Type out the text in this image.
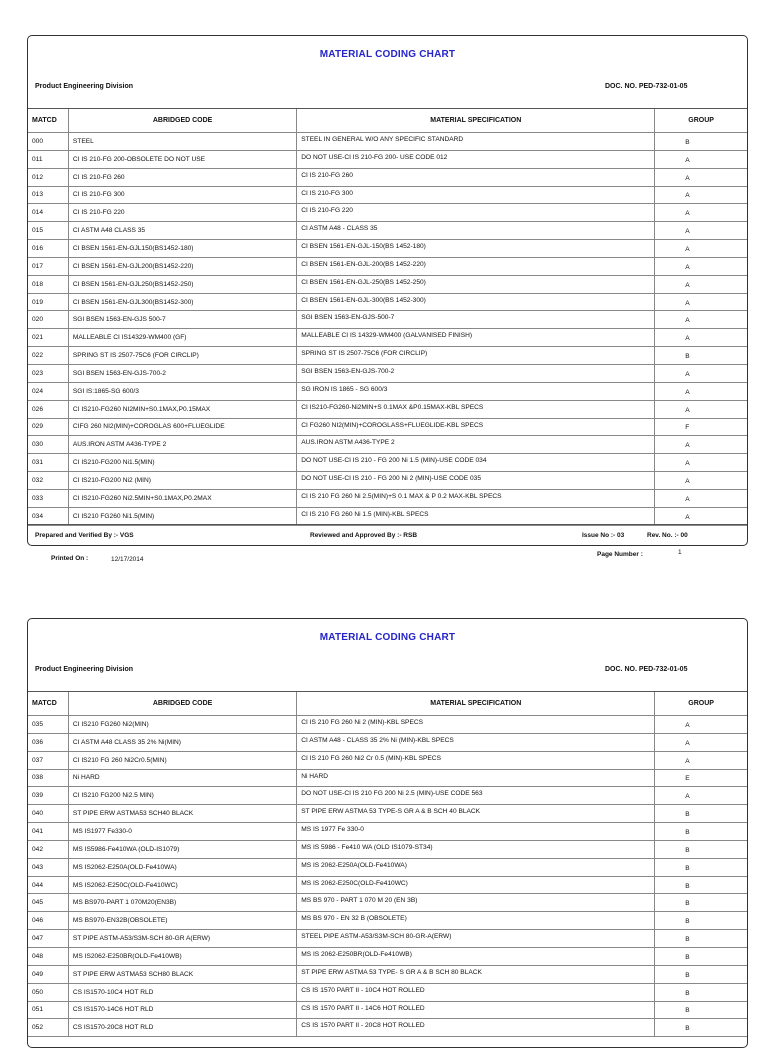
MATERIAL CODING CHART
Product Engineering Division	DOC. NO. PED-732-01-05
MATCD	ABRIDGED CODE	MATERIAL SPECIFICATION	GROUP
000	STEEL	STEEL IN GENERAL W/O ANY SPECIFIC STANDARD	B
011	CI IS 210-FG 200-OBSOLETE DO NOT USE	DO NOT USE-CI IS 210-FG 200- USE CODE 012	A
012	CI IS 210-FG 260	CI IS 210-FG 260	A
013	CI IS 210-FG 300	CI IS 210-FG 300	A
014	CI IS 210-FG 220	CI IS 210-FG 220	A
015	CI ASTM A48 CLASS 35	CI ASTM A48 - CLASS 35	A
016	CI BSEN 1561-EN-GJL150(BS1452-180)	CI BSEN 1561-EN-GJL-150(BS 1452-180)	A
017	CI BSEN 1561-EN-GJL200(BS1452-220)	CI BSEN 1561-EN-GJL-200(BS 1452-220)	A
018	CI BSEN 1561-EN-GJL250(BS1452-250)	CI BSEN 1561-EN-GJL-250(BS 1452-250)	A
019	CI BSEN 1561-EN-GJL300(BS1452-300)	CI BSEN 1561-EN-GJL-300(BS 1452-300)	A
020	SGI BSEN 1563-EN-GJS 500-7	SGI BSEN 1563-EN-GJS-500-7	A
021	MALLEABLE CI IS14329-WM400 (GF)	MALLEABLE CI IS 14329-WM400 (GALVANISED FINISH)	A
022	SPRING ST IS 2507-75C6 (FOR CIRCLIP)	SPRING ST IS 2507-75C6 (FOR CIRCLIP)	B
023	SGI BSEN 1563-EN-GJS-700-2	SGI BSEN 1563-EN-GJS-700-2	A
024	SGI IS:1865-SG 600/3	SG IRON IS 1865 - SG 600/3	A
026	CI IS210-FG260 NI2MIN+S0.1MAX,P0.15MAX	CI IS210-FG260-Ni2MIN+S 0.1MAX &P0.15MAX-KBL SPECS	A
029	CIFG 260 NI2(MIN)+COROGLAS 600+FLUEGLIDE	CI FG260 NI2(MIN)+COROGLASS+FLUEGLIDE-KBL SPECS	F
030	AUS.IRON ASTM A436-TYPE 2	AUS.IRON ASTM A436-TYPE 2	A
031	CI IS210-FG200 Ni1.5(MIN)	DO NOT USE-CI IS 210 - FG 200 Ni 1.5 (MIN)-USE CODE 034	A
032	CI IS210-FG200 Ni2 (MIN)	DO NOT USE-CI IS 210 - FG 200 Ni 2 (MIN)-USE CODE 035	A
033	CI IS210-FG260 Ni2.5MIN+S0.1MAX,P0.2MAX	CI IS 210 FG 260 Ni 2.5(MIN)+S 0.1 MAX & P 0.2 MAX-KBL SPECS	A
034	CI IS210 FG260 Ni1.5(MIN)	CI IS 210 FG 260 Ni 1.5 (MIN)-KBL SPECS	A
Prepared and Verified By :- VGS	Reviewed and Approved By :- RSB	Issue No :- 03	Rev. No. :- 00
Printed On :	12/17/2014
Page Number :	1
MATERIAL CODING CHART
Product Engineering Division	DOC. NO. PED-732-01-05
MATCD	ABRIDGED CODE	MATERIAL SPECIFICATION	GROUP
035	CI IS210 FG260 Ni2(MIN)	CI IS 210 FG 260 Ni 2 (MIN)-KBL SPECS	A
036	CI ASTM A48 CLASS 35 2% Ni(MIN)	CI ASTM A48 - CLASS 35 2% Ni (MIN)-KBL SPECS	A
037	CI IS210 FG 260 Ni2Cr0.5(MIN)	CI IS 210 FG 260 Ni2 Cr 0.5 (MIN)-KBL SPECS	A
038	Ni HARD	Ni HARD	E
039	CI IS210 FG200 Ni2.5 MIN)	DO NOT USE-CI IS 210 FG 200 Ni 2.5 (MIN)-USE CODE 563	A
040	ST PIPE ERW ASTMA53 SCH40 BLACK	ST PIPE ERW ASTMA 53 TYPE-S GR A & B SCH 40 BLACK	B
041	MS IS1977 Fe330-0	MS IS 1977 Fe 330-0	B
042	MS IS5986-Fe410WA (OLD-IS1079)	MS IS 5986 - Fe410 WA (OLD IS1079-ST34)	B
043	MS IS2062-E250A(OLD-Fe410WA)	MS IS 2062-E250A(OLD-Fe410WA)	B
044	MS IS2062-E250C(OLD-Fe410WC)	MS IS 2062-E250C(OLD-Fe410WC)	B
045	MS BS970-PART 1 070M20(EN3B)	MS BS 970 - PART 1 070 M 20 (EN 3B)	B
046	MS BS970-EN32B(OBSOLETE)	MS BS 970 - EN 32 B (OBSOLETE)	B
047	ST PIPE ASTM-A53/S3M-SCH 80-GR A(ERW)	STEEL PIPE ASTM-A53/S3M-SCH 80-GR-A(ERW)	B
048	MS IS2062-E250BR(OLD-Fe410WB)	MS IS 2062-E250BR(OLD-Fe410WB)	B
049	ST PIPE ERW ASTMA53 SCH80 BLACK	ST PIPE ERW ASTMA 53 TYPE- S GR A & B SCH 80 BLACK	B
050	CS IS1570-10C4 HOT RLD	CS IS 1570 PART II - 10C4 HOT ROLLED	B
051	CS IS1570-14C6 HOT RLD	CS IS 1570 PART II - 14C6 HOT ROLLED	B
052	CS IS1570-20C8 HOT RLD	CS IS 1570 PART II - 20C8 HOT ROLLED	B
